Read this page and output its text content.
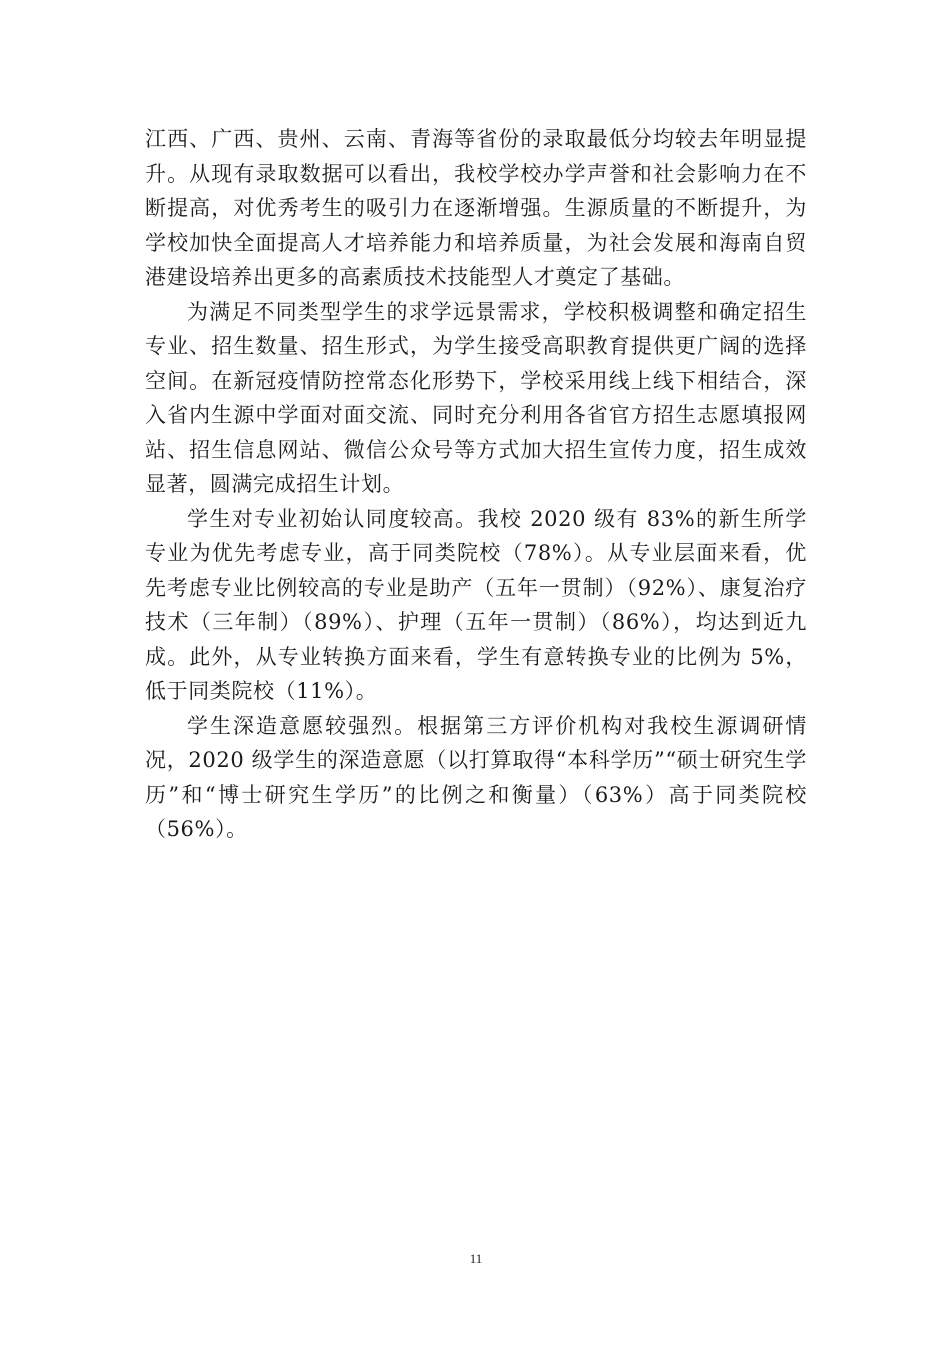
江西、广西、贵州、云南、青海等省份的录取最低分均较去年明显提升。从现有录取数据可以看出，我校学校办学声誉和社会影响力在不断提高，对优秀考生的吸引力在逐渐增强。生源质量的不断提升，为学校加快全面提高人才培养能力和培养质量，为社会发展和海南自贸港建设培养出更多的高素质技术技能型人才奠定了基础。

为满足不同类型学生的求学远景需求，学校积极调整和确定招生专业、招生数量、招生形式，为学生接受高职教育提供更广阔的选择空间。在新冠疫情防控常态化形势下，学校采用线上线下相结合，深入省内生源中学面对面交流、同时充分利用各省官方招生志愿填报网站、招生信息网站、微信公众号等方式加大招生宣传力度，招生成效显著，圆满完成招生计划。

学生对专业初始认同度较高。我校 2020 级有 83%的新生所学专业为优先考虑专业，高于同类院校（78%）。从专业层面来看，优先考虑专业比例较高的专业是助产（五年一贯制）（92%）、康复治疗技术（三年制）（89%）、护理（五年一贯制）（86%），均达到近九成。此外，从专业转换方面来看，学生有意转换专业的比例为 5%，低于同类院校（11%）。

学生深造意愿较强烈。根据第三方评价机构对我校生源调研情况，2020 级学生的深造意愿（以打算取得“本科学历”“硕士研究生学历”和“博士研究生学历”的比例之和衡量）（63%）高于同类院校（56%）。

11
